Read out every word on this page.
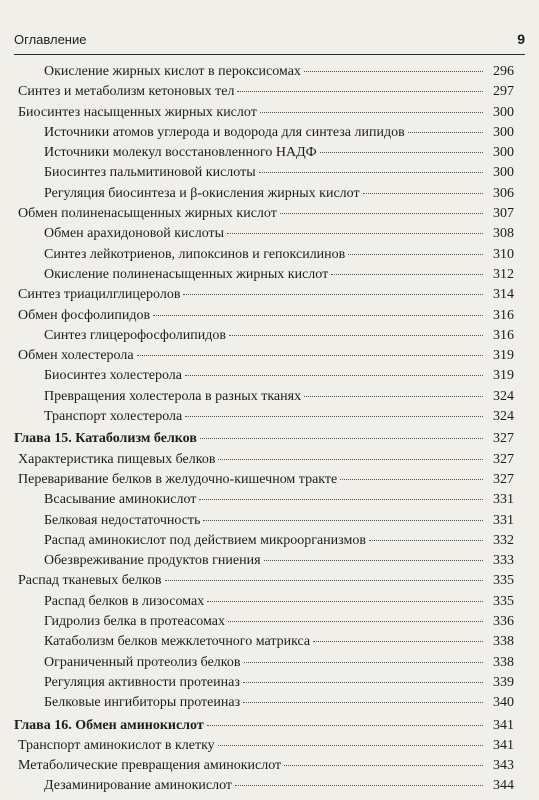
Оглавление	9
Окисление жирных кислот в пероксисомах	296
Синтез и метаболизм кетоновых тел	297
Биосинтез насыщенных жирных кислот	300
Источники атомов углерода и водорода для синтеза липидов	300
Источники молекул восстановленного НАДФ	300
Биосинтез пальмитиновой кислоты	300
Регуляция биосинтеза и β-окисления жирных кислот	306
Обмен полиненасыщенных жирных кислот	307
Обмен арахидоновой кислоты	308
Синтез лейкотриенов, липоксинов и гепоксилинов	310
Окисление полиненасыщенных жирных кислот	312
Синтез триацилглицеролов	314
Обмен фосфолипидов	316
Синтез глицерофосфолипидов	316
Обмен холестерола	319
Биосинтез холестерола	319
Превращения холестерола в разных тканях	324
Транспорт холестерола	324
Глава 15. Катаболизм белков	327
Характеристика пищевых белков	327
Переваривание белков в желудочно-кишечном тракте	327
Всасывание аминокислот	331
Белковая недостаточность	331
Распад аминокислот под действием микроорганизмов	332
Обезвреживание продуктов гниения	333
Распад тканевых белков	335
Распад белков в лизосомах	335
Гидролиз белка в протеасомах	336
Катаболизм белков межклеточного матрикса	338
Ограниченный протеолиз белков	338
Регуляция активности протеиназ	339
Белковые ингибиторы протеиназ	340
Глава 16. Обмен аминокислот	341
Транспорт аминокислот в клетку	341
Метаболические превращения аминокислот	343
Дезаминирование аминокислот	344
